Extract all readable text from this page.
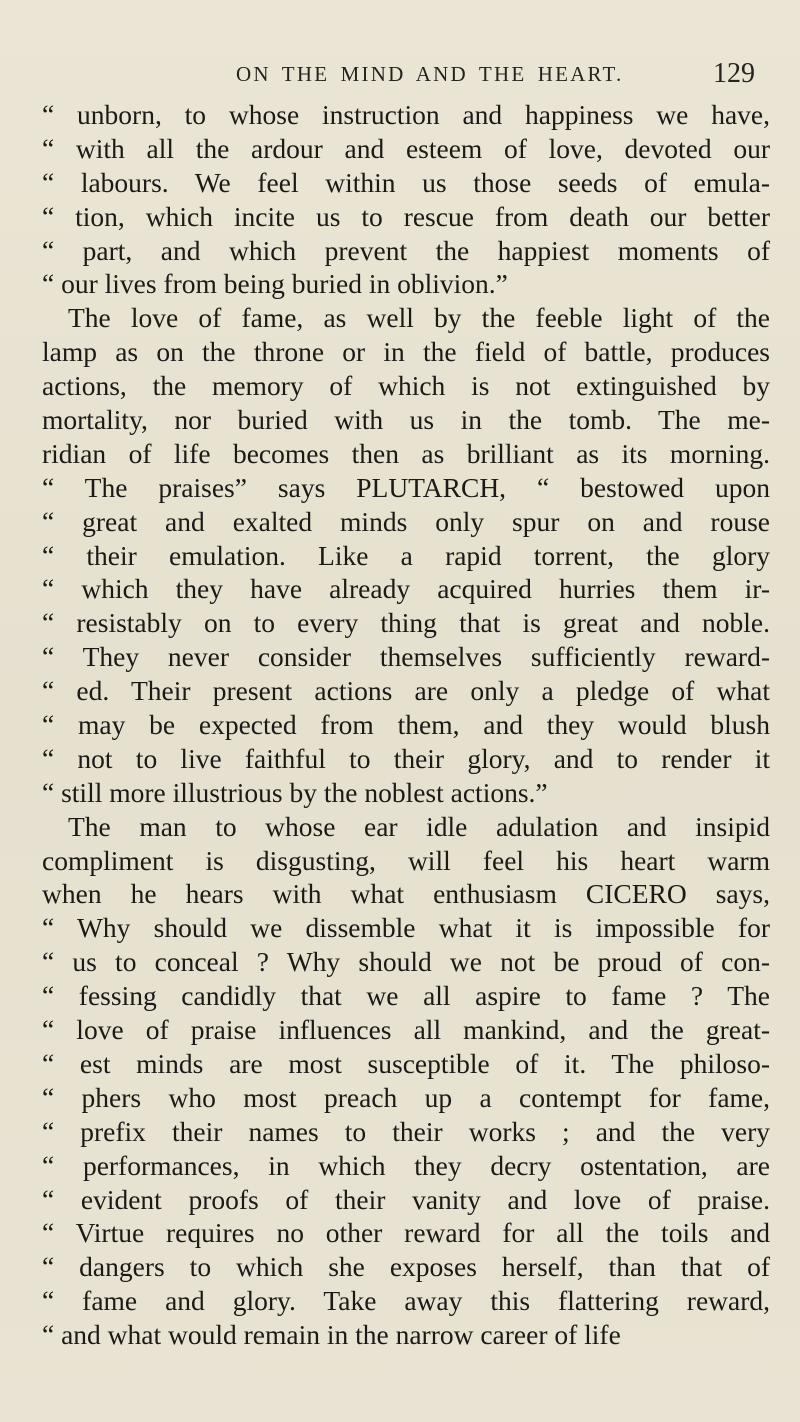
ON THE MIND AND THE HEART.	129
“ unborn, to whose instruction and happiness we have,
“ with all the ardour and esteem of love, devoted our
“ labours. We feel within us those seeds of emula-
“ tion, which incite us to rescue from death our better
“ part, and which prevent the happiest moments of
“ our lives from being buried in oblivion.”
The love of fame, as well by the feeble light of the
lamp as on the throne or in the field of battle, produces
actions, the memory of which is not extinguished by
mortality, nor buried with us in the tomb. The me-
ridian of life becomes then as brilliant as its morning.
“ The praises” says PLUTARCH, “ bestowed upon
“ great and exalted minds only spur on and rouse
“ their emulation. Like a rapid torrent, the glory
“ which they have already acquired hurries them ir-
“ resistably on to every thing that is great and noble.
“ They never consider themselves sufficiently reward-
“ ed. Their present actions are only a pledge of what
“ may be expected from them, and they would blush
“ not to live faithful to their glory, and to render it
“ still more illustrious by the noblest actions.”
The man to whose ear idle adulation and insipid
compliment is disgusting, will feel his heart warm
when he hears with what enthusiasm CICERO says,
“ Why should we dissemble what it is impossible for
“ us to conceal ? Why should we not be proud of con-
“ fessing candidly that we all aspire to fame ? The
“ love of praise influences all mankind, and the great-
“ est minds are most susceptible of it. The philoso-
“ phers who most preach up a contempt for fame,
“ prefix their names to their works ; and the very
“ performances, in which they decry ostentation, are
“ evident proofs of their vanity and love of praise.
“ Virtue requires no other reward for all the toils and
“ dangers to which she exposes herself, than that of
“ fame and glory. Take away this flattering reward,
“ and what would remain in the narrow career of life
